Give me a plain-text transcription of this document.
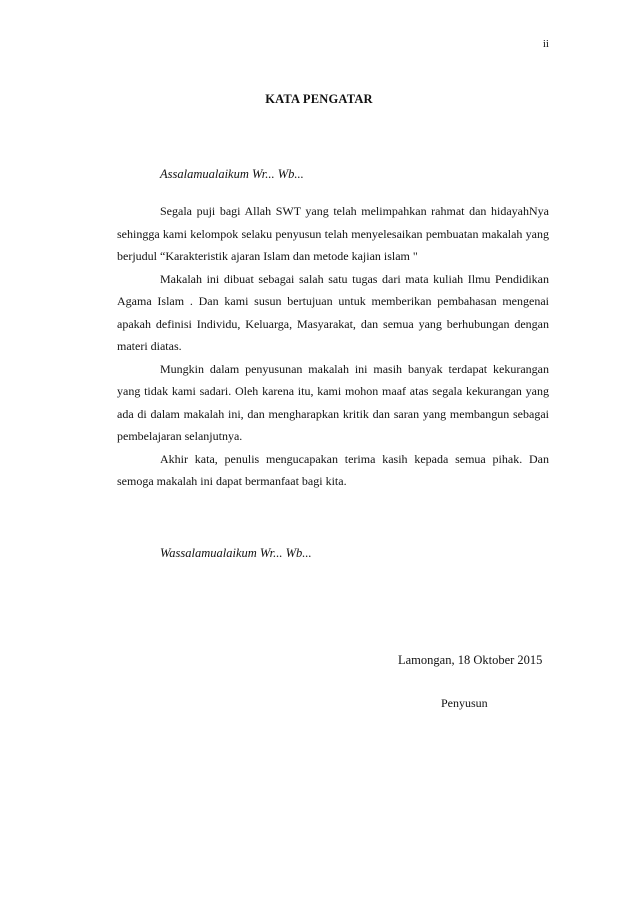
ii
KATA PENGATAR
Assalamualaikum Wr... Wb...

Segala puji bagi Allah SWT yang telah melimpahkan rahmat dan hidayahNya sehingga kami kelompok selaku penyusun telah menyelesaikan pembuatan makalah yang berjudul “Karakteristik ajaran Islam dan metode kajian islam "

Makalah ini dibuat sebagai salah satu tugas dari mata kuliah Ilmu Pendidikan Agama Islam . Dan kami susun bertujuan untuk memberikan pembahasan mengenai apakah definisi Individu, Keluarga, Masyarakat, dan semua yang berhubungan dengan materi diatas.

Mungkin dalam penyusunan makalah ini masih banyak terdapat kekurangan yang tidak kami sadari. Oleh karena itu, kami mohon maaf atas segala kekurangan yang ada di dalam makalah ini, dan mengharapkan kritik dan saran yang membangun sebagai pembelajaran selanjutnya.

Akhir kata, penulis mengucapakan terima kasih kepada semua pihak. Dan semoga makalah ini dapat bermanfaat bagi kita.

Wassalamualaikum Wr... Wb...
Lamongan, 18 Oktober 2015
Penyusun
